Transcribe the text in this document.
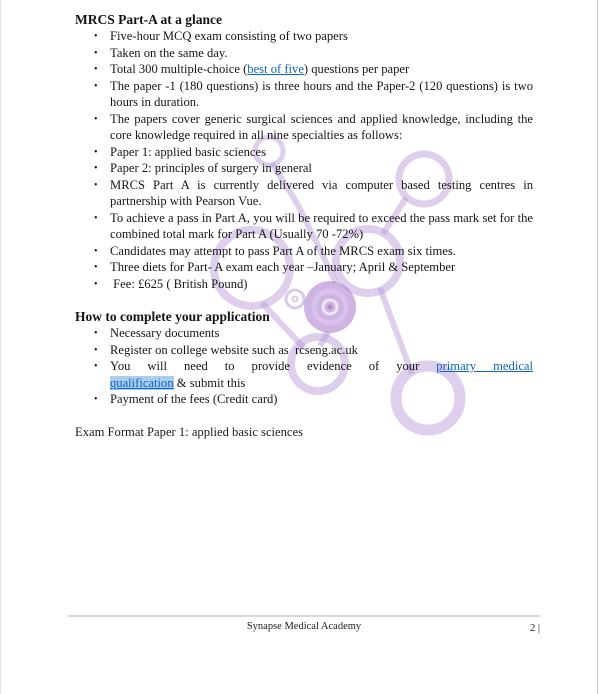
MRCS Part-A at a glance
• Five-hour MCQ exam consisting of two papers
• Taken on the same day.
• Total 300 multiple-choice (best of five) questions per paper
• The paper -1 (180 questions) is three hours and the Paper-2 (120 questions) is two hours in duration.
• The papers cover generic surgical sciences and applied knowledge, including the core knowledge required in all nine specialties as follows:
• Paper 1: applied basic sciences
• Paper 2: principles of surgery in general
• MRCS Part A is currently delivered via computer based testing centres in partnership with Pearson Vue.
• To achieve a pass in Part A, you will be required to exceed the pass mark set for the combined total mark for Part A (Usually 70 -72%)
• Candidates may attempt to pass Part A of the MRCS exam six times.
• Three diets for Part- A exam each year –January; April & September
• Fee: £625 ( British Pound)
How to complete your application
• Necessary documents
• Register on college website such as  rcseng.ac.uk
• You will need to provide evidence of your primary medical
qualification & submit this
• Payment of the fees (Credit card)

Exam Format Paper 1: applied basic sciences

Synapse Medical Academy	2 |
